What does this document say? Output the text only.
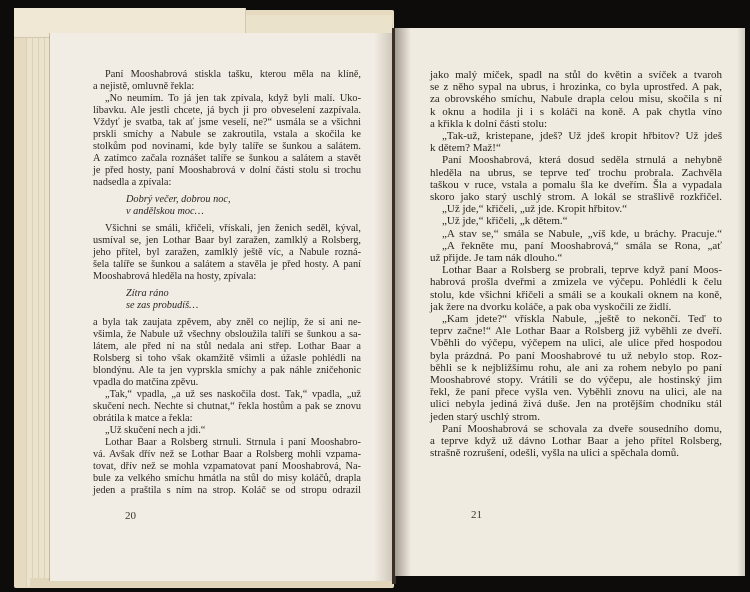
Paní Mooshabrová stiskla tašku, kterou měla na klíně,
a nejistě, omluvně řekla:
„No neumím. To já jen tak zpívala, když byli malí. Uko-
líbavku. Ale jestli chcete, já bych ji pro obveselení zazpívala.
Vždyť je svatba, tak ať jsme veselí, ne?“ usmála se a všichni
prskli smíchy a Nabule se zakroutila, vstala a skočila ke
stolkům pod novinami, kde byly talíře se šunkou a salátem.
A zatímco začala roznášet talíře se šunkou a salátem a stavět
je před hosty, paní Mooshabrová v dolní části stolu si trochu
nadsedla a zpívala:
Dobrý večer, dobrou noc,
v andělskou moc…
Všichni se smáli, křičeli, vřískali, jen ženich seděl, kýval,
usmíval se, jen Lothar Baar byl zaražen, zamlklý a Rolsberg,
jeho přítel, byl zaražen, zamlklý ještě víc, a Nabule rozná-
šela talíře se šunkou a salátem a stavěla je před hosty. A paní
Mooshabrová hleděla na hosty, zpívala:
Zítra ráno
se zas probudíš…
a byla tak zaujata zpěvem, aby zněl co nejlíp, že si ani ne-
všimla, že Nabule už všechny obsloužila talíři se šunkou a sa-
látem, ale před ní na stůl nedala ani střep. Lothar Baar a
Rolsberg si toho však okamžitě všimli a úžasle pohlédli na
blondýnu. Ale ta jen vyprskla smíchy a pak náhle zničehonic
vpadla do matčina zpěvu.
„Tak,“ vpadla, „a už ses naskočila dost. Tak,“ vpadla, „už
skučení nech. Nechte si chutnat,“ řekla hostům a pak se znovu
obrátila k matce a řekla:
„Už skučení nech a jdi.“
Lothar Baar a Rolsberg strnuli. Strnula i paní Mooshabro-
vá. Avšak dřív než se Lothar Baar a Rolsberg mohli vzpama-
tovat, dřív než se mohla vzpamatovat paní Mooshabrová, Na-
bule za velkého smíchu hmátla na stůl do misy koláčů, drapla
jeden a praštila s ním na strop. Koláč se od stropu odrazil
20
jako malý míček, spadl na stůl do květin a svíček a tvaroh
se z něho sypal na ubrus, i hrozinka, co byla uprostřed. A pak,
za obrovského smíchu, Nabule drapla celou misu, skočila s ní
k oknu a hodila ji i s koláči na koně. A pak chytla víno
a křikla k dolní části stolu:
„Tak-už, kristepane, jdeš? Už jdeš kropit hřbitov? Už jdeš
k dětem? Maž!“
Paní Mooshabrová, která dosud seděla strnulá a nehybně
hleděla na ubrus, se teprve teď trochu probrala. Zachvěla
taškou v ruce, vstala a pomalu šla ke dveřím. Šla a vypadala
skoro jako starý uschlý strom. A lokál se strašlivě rozkřičel.
„Už jde,“ křičeli, „už jde. Kropit hřbitov.“
„Už jde,“ křičeli, „k dětem.“
„A stav se,“ smála se Nabule, „víš kde, u bráchy. Pracuje.“
„A řekněte mu, paní Mooshabrová,“ smála se Rona, „ať
už přijde. Je tam nák dlouho.“
Lothar Baar a Rolsberg se probrali, teprve když paní Moos-
habrová prošla dveřmi a zmizela ve výčepu. Pohlédli k čelu
stolu, kde všichni křičeli a smáli se a koukali oknem na koně,
jak žere na dvorku koláče, a pak oba vyskočili ze židlí.
„Kam jdete?“ vřískla Nabule, „ještě to nekončí. Teď to
teprv začne!“ Ale Lothar Baar a Rolsberg již vyběhli ze dveří.
Vběhli do výčepu, výčepem na ulici, ale ulice před hospodou
byla prázdná. Po paní Mooshabrové tu už nebylo stop. Roz-
běhli se k nejbližšímu rohu, ale ani za rohem nebylo po paní
Mooshabrové stopy. Vrátili se do výčepu, ale hostinský jim
řekl, že paní přece vyšla ven. Vyběhli znovu na ulici, ale na
ulici nebyla jediná živá duše. Jen na protějším chodníku stál
jeden starý uschlý strom.
Paní Mooshabrová se schovala za dveře sousedního domu,
a teprve když už dávno Lothar Baar a jeho přítel Rolsberg,
strašně rozrušení, odešli, vyšla na ulici a spěchala domů.
21
